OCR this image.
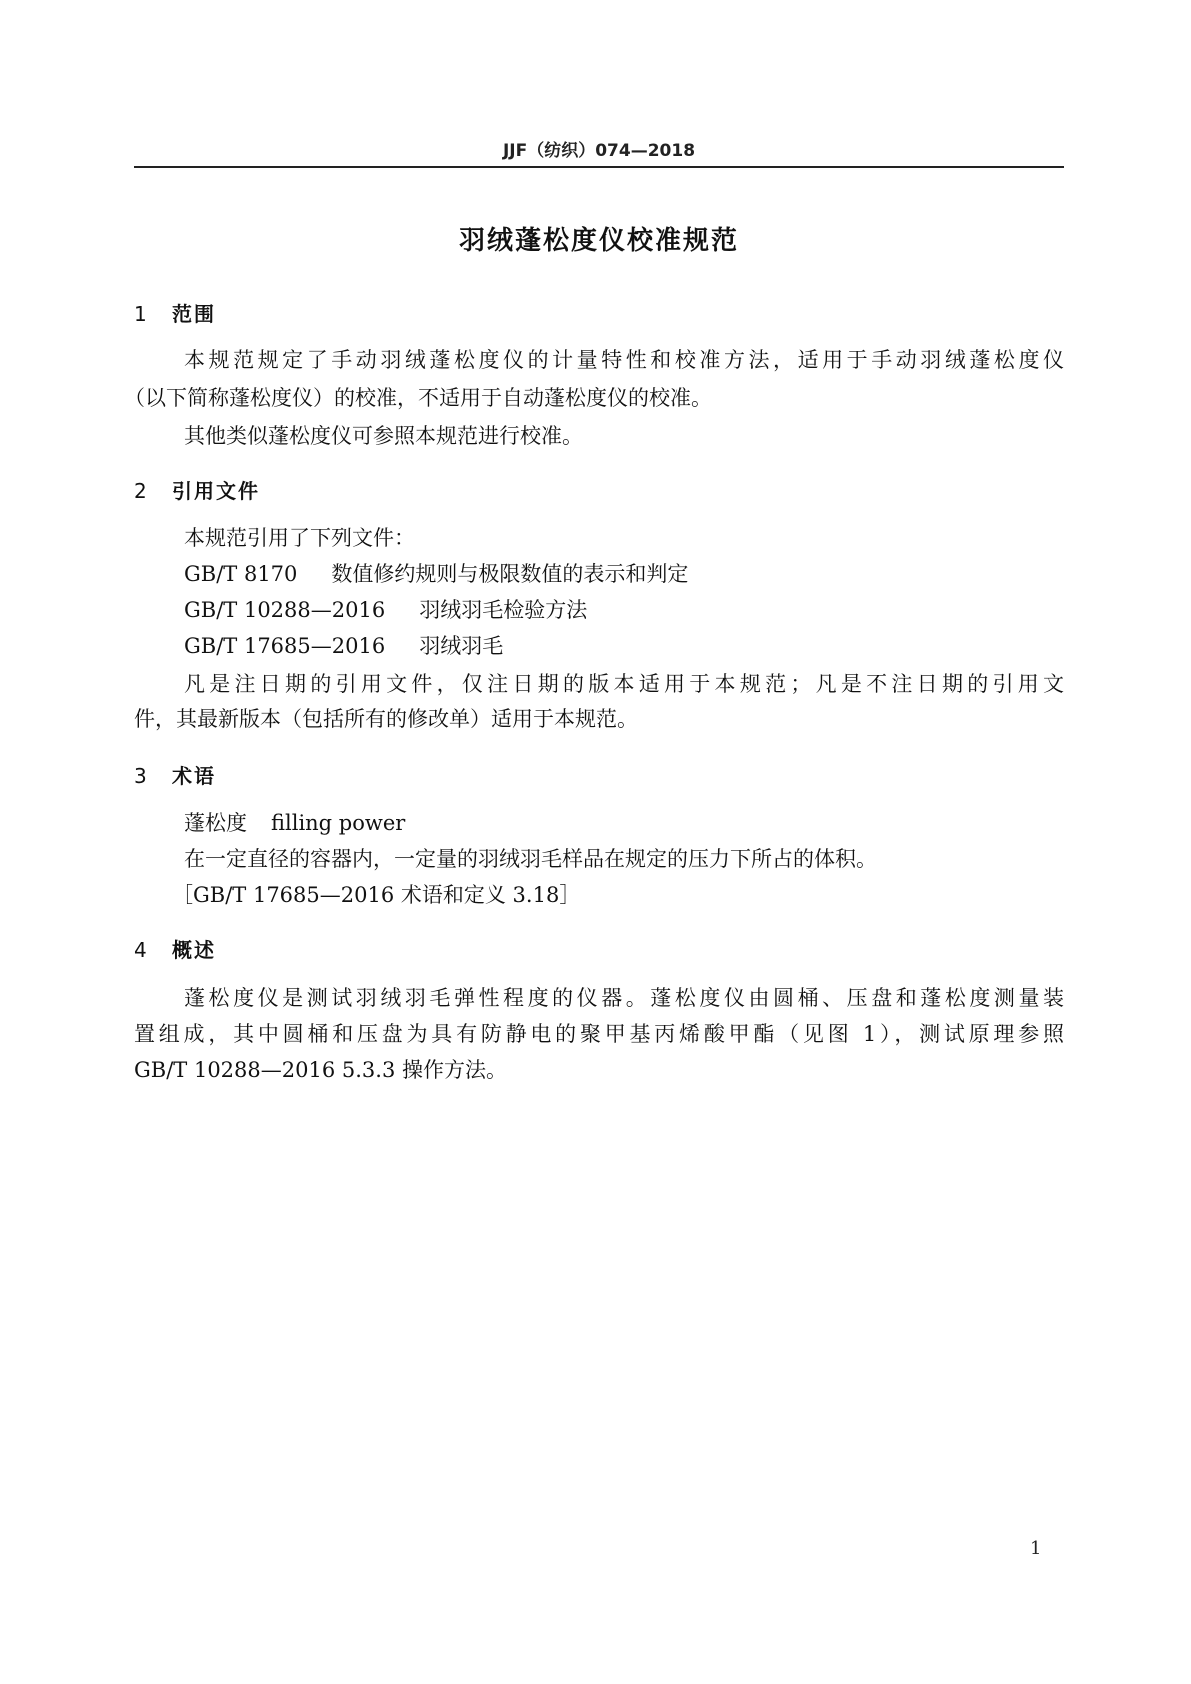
JJF（纺织）074—2018
羽绒蓬松度仪校准规范
1 范围
本规范规定了手动羽绒蓬松度仪的计量特性和校准方法，适用于手动羽绒蓬松度仪
（以下简称蓬松度仪）的校准，不适用于自动蓬松度仪的校准。
其他类似蓬松度仪可参照本规范进行校准。
2 引用文件
本规范引用了下列文件：
GB/T 8170 数值修约规则与极限数值的表示和判定
GB/T 10288—2016 羽绒羽毛检验方法
GB/T 17685—2016 羽绒羽毛
凡是注日期的引用文件，仅注日期的版本适用于本规范；凡是不注日期的引用文
件，其最新版本（包括所有的修改单）适用于本规范。
3 术语
蓬松度 filling power
在一定直径的容器内，一定量的羽绒羽毛样品在规定的压力下所占的体积。
［GB/T 17685—2016 术语和定义 3.18］
4 概述
蓬松度仪是测试羽绒羽毛弹性程度的仪器。蓬松度仪由圆桶、压盘和蓬松度测量装
置组成，其中圆桶和压盘为具有防静电的聚甲基丙烯酸甲酯（见图 1），测试原理参照
GB/T 10288—2016 5.3.3 操作方法。
1
